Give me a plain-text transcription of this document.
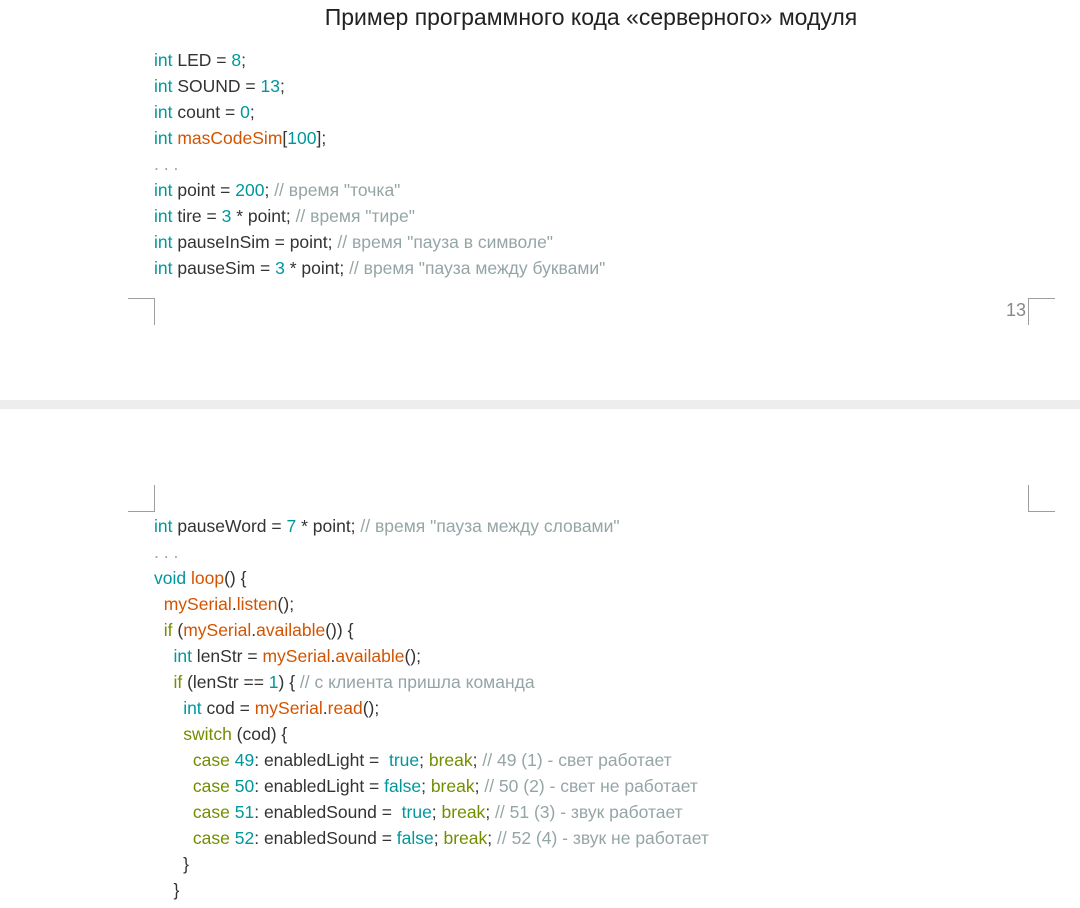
Пример программного кода «серверного» модуля
int LED = 8;
int SOUND = 13;
int count = 0;
int masCodeSim[100];
. . .
int point = 200; // время "точка"
int tire = 3 * point; // время "тире"
int pauseInSim = point; // время "пауза в символе"
int pauseSim = 3 * point; // время "пауза между буквами"
13
int pauseWord = 7 * point; // время "пауза между словами"
. . .
void loop() {
mySerial.listen();
if (mySerial.available()) {
int lenStr = mySerial.available();
if (lenStr == 1) { // с клиента пришла команда
int cod = mySerial.read();
switch (cod) {
case 49: enabledLight =  true; break; // 49 (1) - свет работает
case 50: enabledLight = false; break; // 50 (2) - свет не работает
case 51: enabledSound =  true; break; // 51 (3) - звук работает
case 52: enabledSound = false; break; // 52 (4) - звук не работает
}
}
